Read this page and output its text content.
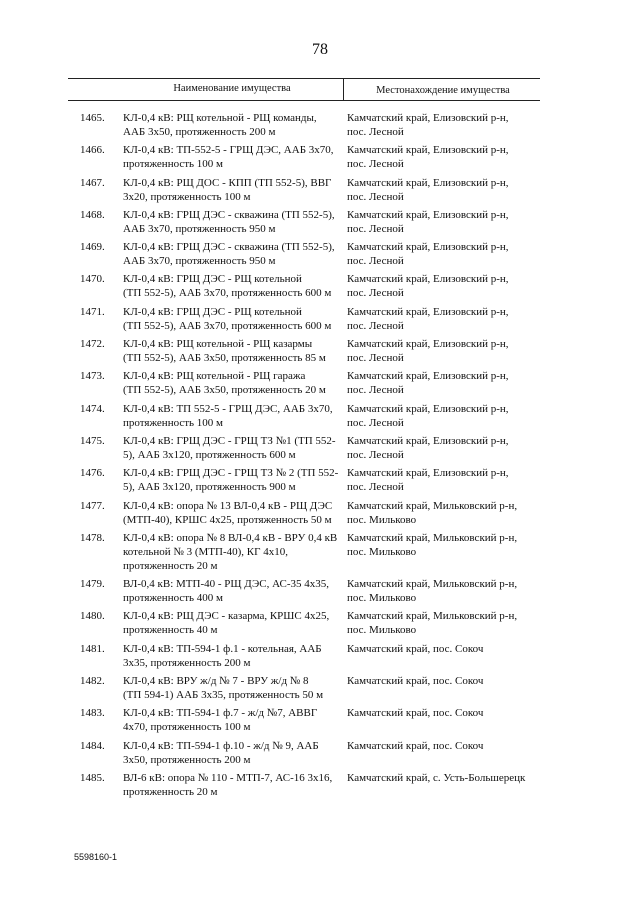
78
Наименование имущества	Местонахождение имущества
1465.	КЛ-0,4 кВ: РЩ котельной - РЩ команды,
ААБ 3х50, протяженность 200 м
Камчатский край, Елизовский р-н,
пос. Лесной
1466.	КЛ-0,4 кВ: ТП-552-5 - ГРЩ ДЭС, ААБ 3х70,
протяженность 100 м
Камчатский край, Елизовский р-н,
пос. Лесной
1467.	КЛ-0,4 кВ: РЩ ДОС - КПП (ТП 552-5), ВВГ
3х20, протяженность 100 м
Камчатский край, Елизовский р-н,
пос. Лесной
1468.	КЛ-0,4 кВ: ГРЩ ДЭС - скважина (ТП 552-5),
ААБ 3х70, протяженность 950 м
Камчатский край, Елизовский р-н,
пос. Лесной
1469.	КЛ-0,4 кВ: ГРЩ ДЭС - скважина (ТП 552-5),
ААБ 3х70, протяженность 950 м
Камчатский край, Елизовский р-н,
пос. Лесной
1470.	КЛ-0,4 кВ: ГРЩ ДЭС - РЩ котельной
(ТП 552-5), ААБ 3х70, протяженность 600 м
Камчатский край, Елизовский р-н,
пос. Лесной
1471.	КЛ-0,4 кВ: ГРЩ ДЭС - РЩ котельной
(ТП 552-5), ААБ 3х70, протяженность 600 м
Камчатский край, Елизовский р-н,
пос. Лесной
1472.	КЛ-0,4 кВ: РЩ котельной - РЩ казармы
(ТП 552-5), ААБ 3х50, протяженность 85 м
Камчатский край, Елизовский р-н,
пос. Лесной
1473.	КЛ-0,4 кВ: РЩ котельной - РЩ гаража
(ТП 552-5), ААБ 3х50, протяженность 20 м
Камчатский край, Елизовский р-н,
пос. Лесной
1474.	КЛ-0,4 кВ: ТП 552-5 - ГРЩ ДЭС, ААБ 3х70,
протяженность 100 м
Камчатский край, Елизовский р-н,
пос. Лесной
1475.	КЛ-0,4 кВ: ГРЩ ДЭС - ГРЩ ТЗ №1 (ТП 552-
5), ААБ 3х120, протяженность 600 м
Камчатский край, Елизовский р-н,
пос. Лесной
1476.	КЛ-0,4 кВ: ГРЩ ДЭС - ГРЩ ТЗ № 2 (ТП 552-
5), ААБ 3х120, протяженность 900 м
Камчатский край, Елизовский р-н,
пос. Лесной
1477.	КЛ-0,4 кВ: опора № 13 ВЛ-0,4 кВ - РЩ ДЭС
(МТП-40), КРШС 4х25, протяженность 50 м
Камчатский край, Мильковский р-н,
пос. Мильково
1478.	КЛ-0,4 кВ: опора № 8 ВЛ-0,4 кВ - ВРУ 0,4 кВ
котельной № 3 (МТП-40), КГ 4х10,
протяженность 20 м
Камчатский край, Мильковский р-н,
пос. Мильково
1479.	ВЛ-0,4 кВ: МТП-40 - РЩ ДЭС, АС-35 4х35,
протяженность 400 м
Камчатский край, Мильковский р-н,
пос. Мильково
1480.	КЛ-0,4 кВ: РЩ ДЭС - казарма, КРШС 4х25,
протяженность 40 м
Камчатский край, Мильковский р-н,
пос. Мильково
1481.	КЛ-0,4 кВ: ТП-594-1 ф.1 - котельная, ААБ
3х35, протяженность 200 м
Камчатский край, пос. Сокоч
1482.	КЛ-0,4 кВ: ВРУ ж/д № 7 - ВРУ ж/д № 8
(ТП 594-1) ААБ 3х35, протяженность 50 м
Камчатский край, пос. Сокоч
1483.	КЛ-0,4 кВ: ТП-594-1 ф.7 - ж/д №7, АВВГ
4х70, протяженность 100 м
Камчатский край, пос. Сокоч
1484.	КЛ-0,4 кВ: ТП-594-1 ф.10 - ж/д № 9, ААБ
3х50, протяженность 200 м
Камчатский край, пос. Сокоч
1485.	ВЛ-6 кВ: опора № 110 - МТП-7, АС-16 3х16,
протяженность 20 м
Камчатский край, с. Усть-Большерецк
5598160-1
